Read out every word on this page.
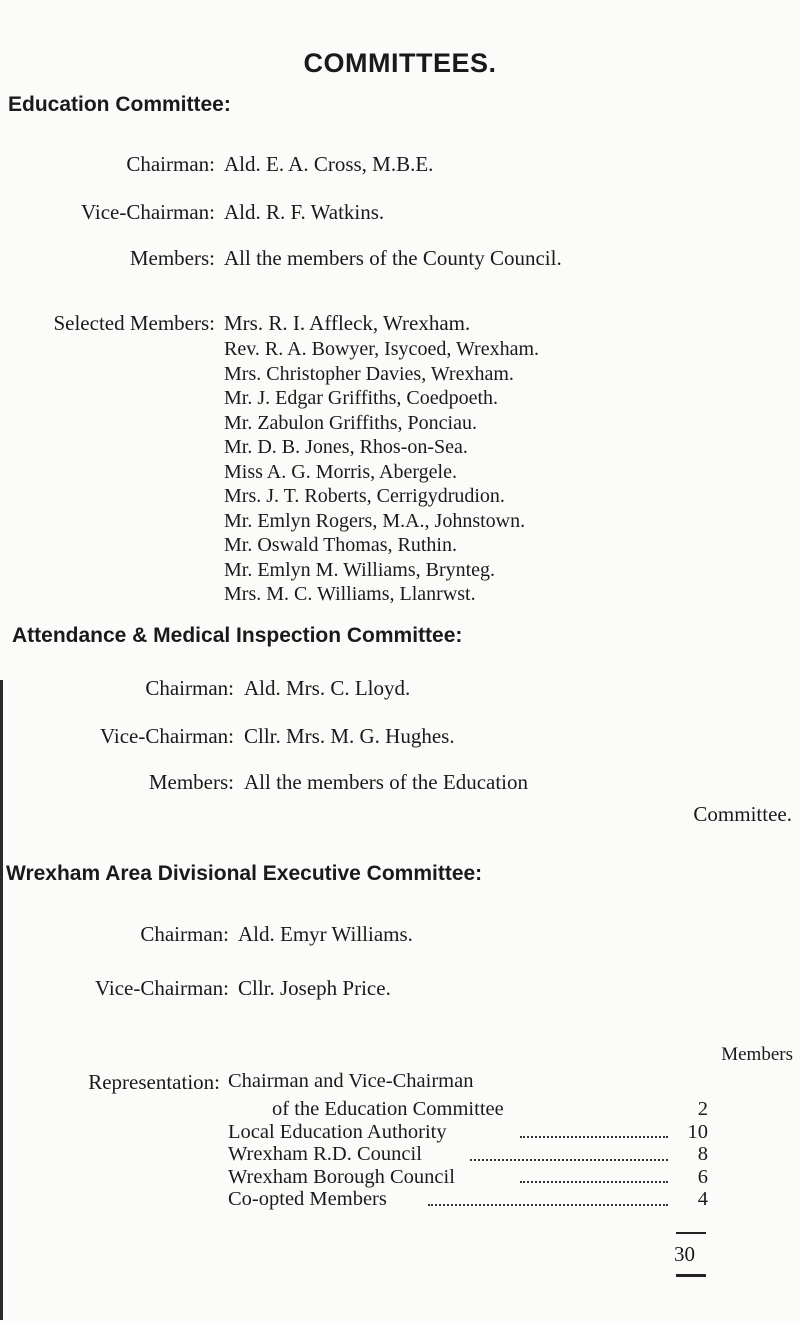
COMMITTEES.
Education Committee:
Chairman: Ald. E. A. Cross, M.B.E.
Vice-Chairman: Ald. R. F. Watkins.
Members: All the members of the County Council.
Selected Members: Mrs. R. I. Affleck, Wrexham.
Rev. R. A. Bowyer, Isycoed, Wrexham.
Mrs. Christopher Davies, Wrexham.
Mr. J. Edgar Griffiths, Coedpoeth.
Mr. Zabulon Griffiths, Ponciau.
Mr. D. B. Jones, Rhos-on-Sea.
Miss A. G. Morris, Abergele.
Mrs. J. T. Roberts, Cerrigydrudion.
Mr. Emlyn Rogers, M.A., Johnstown.
Mr. Oswald Thomas, Ruthin.
Mr. Emlyn M. Williams, Brynteg.
Mrs. M. C. Williams, Llanrwst.
Attendance & Medical Inspection Committee:
Chairman: Ald. Mrs. C. Lloyd.
Vice-Chairman: Cllr. Mrs. M. G. Hughes.
Members: All the members of the Education
Committee.
Wrexham Area Divisional Executive Committee:
Chairman: Ald. Emyr Williams.
Vice-Chairman: Cllr. Joseph Price.
Members
Representation: Chairman and Vice-Chairman
of the Education Committee	2
Local Education Authority	10
Wrexham R.D. Council	8
Wrexham Borough Council	6
Co-opted Members	4
30
